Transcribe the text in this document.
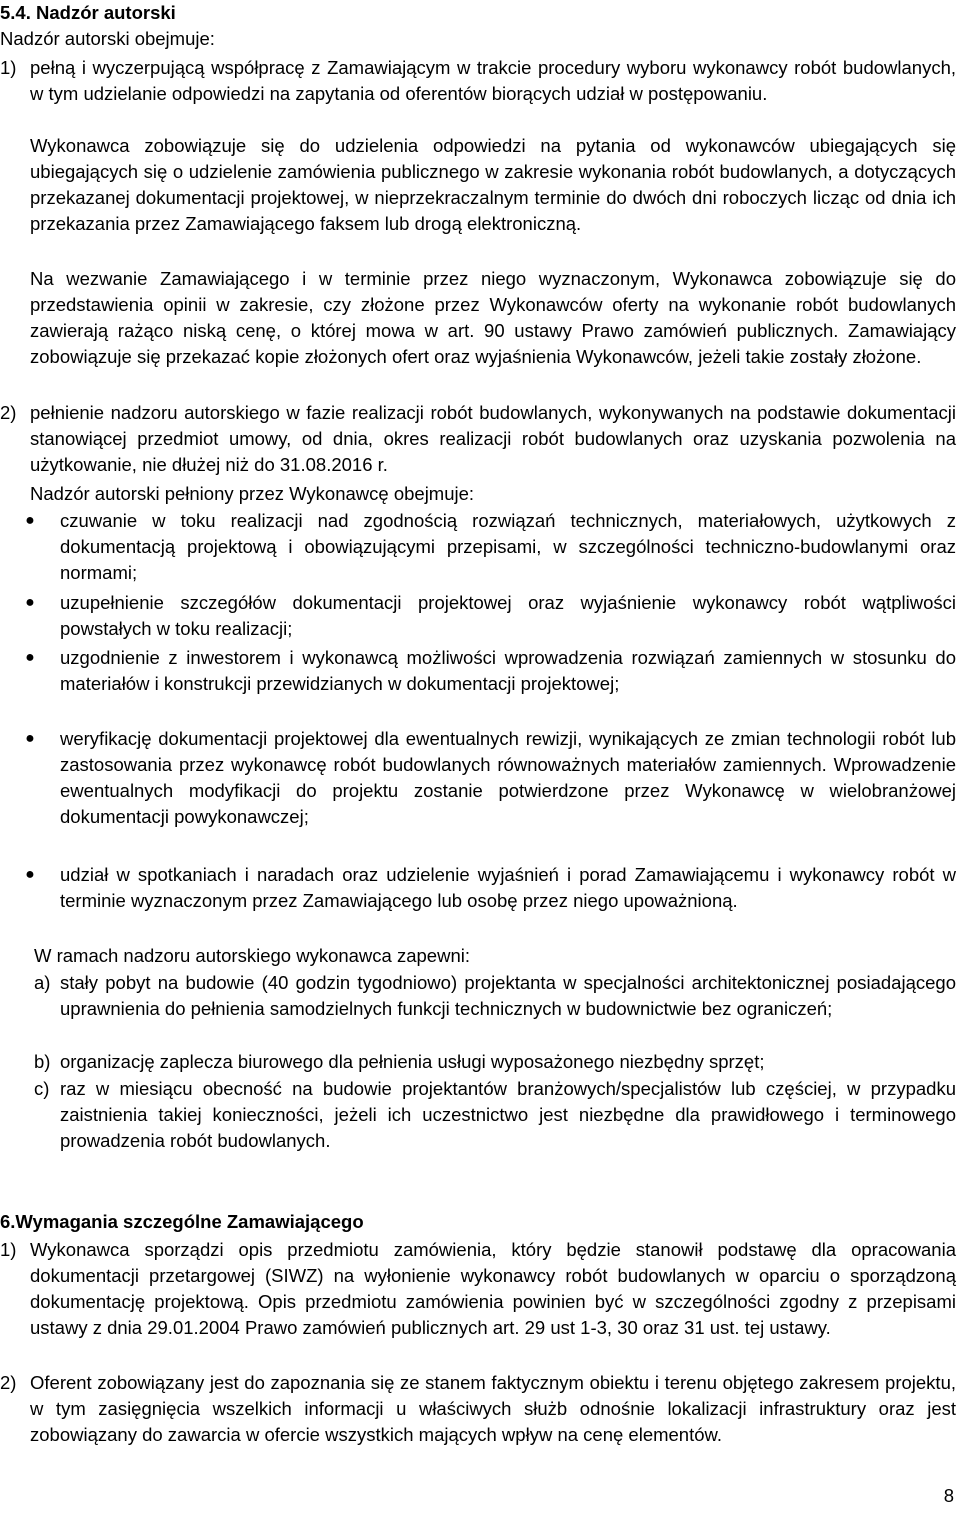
5.4. Nadzór autorski
Nadzór autorski obejmuje:
1) pełną i wyczerpującą współpracę z Zamawiającym w trakcie procedury wyboru wykonawcy robót budowlanych, w tym udzielanie odpowiedzi na zapytania od oferentów biorących udział w postępowaniu.

Wykonawca zobowiązuje się do udzielenia odpowiedzi na pytania od wykonawców ubiegających się ubiegających się o udzielenie zamówienia publicznego w zakresie wykonania robót budowlanych, a dotyczących przekazanej dokumentacji projektowej, w nieprzekraczalnym terminie do dwóch dni roboczych licząc od dnia ich przekazania przez Zamawiającego faksem lub drogą elektroniczną.

Na wezwanie Zamawiającego i w terminie przez niego wyznaczonym, Wykonawca zobowiązuje się do przedstawienia opinii w zakresie, czy złożone przez Wykonawców oferty na wykonanie robót budowlanych zawierają rażąco niską cenę, o której mowa w art. 90 ustawy Prawo zamówień publicznych. Zamawiający zobowiązuje się przekazać kopie złożonych ofert oraz wyjaśnienia Wykonawców, jeżeli takie zostały złożone.

2) pełnienie nadzoru autorskiego w fazie realizacji robót budowlanych, wykonywanych na podstawie dokumentacji stanowiącej przedmiot umowy, od dnia, okres realizacji robót budowlanych oraz uzyskania pozwolenia na użytkowanie, nie dłużej niż do 31.08.2016 r.

Nadzór autorski pełniony przez Wykonawcę obejmuje:

●	czuwanie w toku realizacji nad zgodnością rozwiązań technicznych, materiałowych, użytkowych z dokumentacją projektową i obowiązującymi przepisami, w szczególności techniczno-budowlanymi oraz normami;

●	uzupełnienie szczegółów dokumentacji projektowej oraz wyjaśnienie wykonawcy robót wątpliwości powstałych w toku realizacji;

●	uzgodnienie z inwestorem i wykonawcą możliwości wprowadzenia rozwiązań zamiennych w stosunku do materiałów i konstrukcji przewidzianych w dokumentacji projektowej;

●	weryfikację dokumentacji projektowej dla ewentualnych rewizji, wynikających ze zmian technologii robót lub zastosowania przez wykonawcę robót budowlanych równoważnych materiałów zamiennych. Wprowadzenie ewentualnych modyfikacji do projektu zostanie potwierdzone przez Wykonawcę w wielobranżowej dokumentacji powykonawczej;

●	udział w spotkaniach i naradach oraz udzielenie wyjaśnień i porad Zamawiającemu i wykonawcy robót w terminie wyznaczonym przez Zamawiającego lub osobę przez niego upoważnioną.

W ramach nadzoru autorskiego wykonawca zapewni:
a) stały pobyt na budowie (40 godzin tygodniowo) projektanta w specjalności architektonicznej posiadającego uprawnienia do pełnienia samodzielnych funkcji technicznych w budownictwie bez ograniczeń;

b) organizację zaplecza biurowego dla pełnienia usługi wyposażonego niezbędny sprzęt;

c) raz w miesiącu obecność na budowie projektantów branżowych/specjalistów lub częściej, w przypadku zaistnienia takiej konieczności, jeżeli ich uczestnictwo jest niezbędne dla prawidłowego i terminowego prowadzenia robót budowlanych.

6.Wymagania szczególne Zamawiającego
1) Wykonawca sporządzi opis przedmiotu zamówienia, który będzie stanowił podstawę dla opracowania dokumentacji przetargowej (SIWZ) na wyłonienie wykonawcy robót budowlanych w oparciu o sporządzoną dokumentację projektową. Opis przedmiotu zamówienia powinien być w szczególności zgodny z przepisami ustawy z dnia 29.01.2004 Prawo zamówień publicznych art. 29 ust 1-3, 30 oraz 31 ust. tej ustawy.

2) Oferent zobowiązany jest do zapoznania się ze stanem faktycznym obiektu i terenu objętego zakresem projektu, w tym zasięgnięcia wszelkich informacji u właściwych służb odnośnie lokalizacji infrastruktury oraz jest zobowiązany do zawarcia w ofercie wszystkich mających wpływ na cenę elementów.

8
